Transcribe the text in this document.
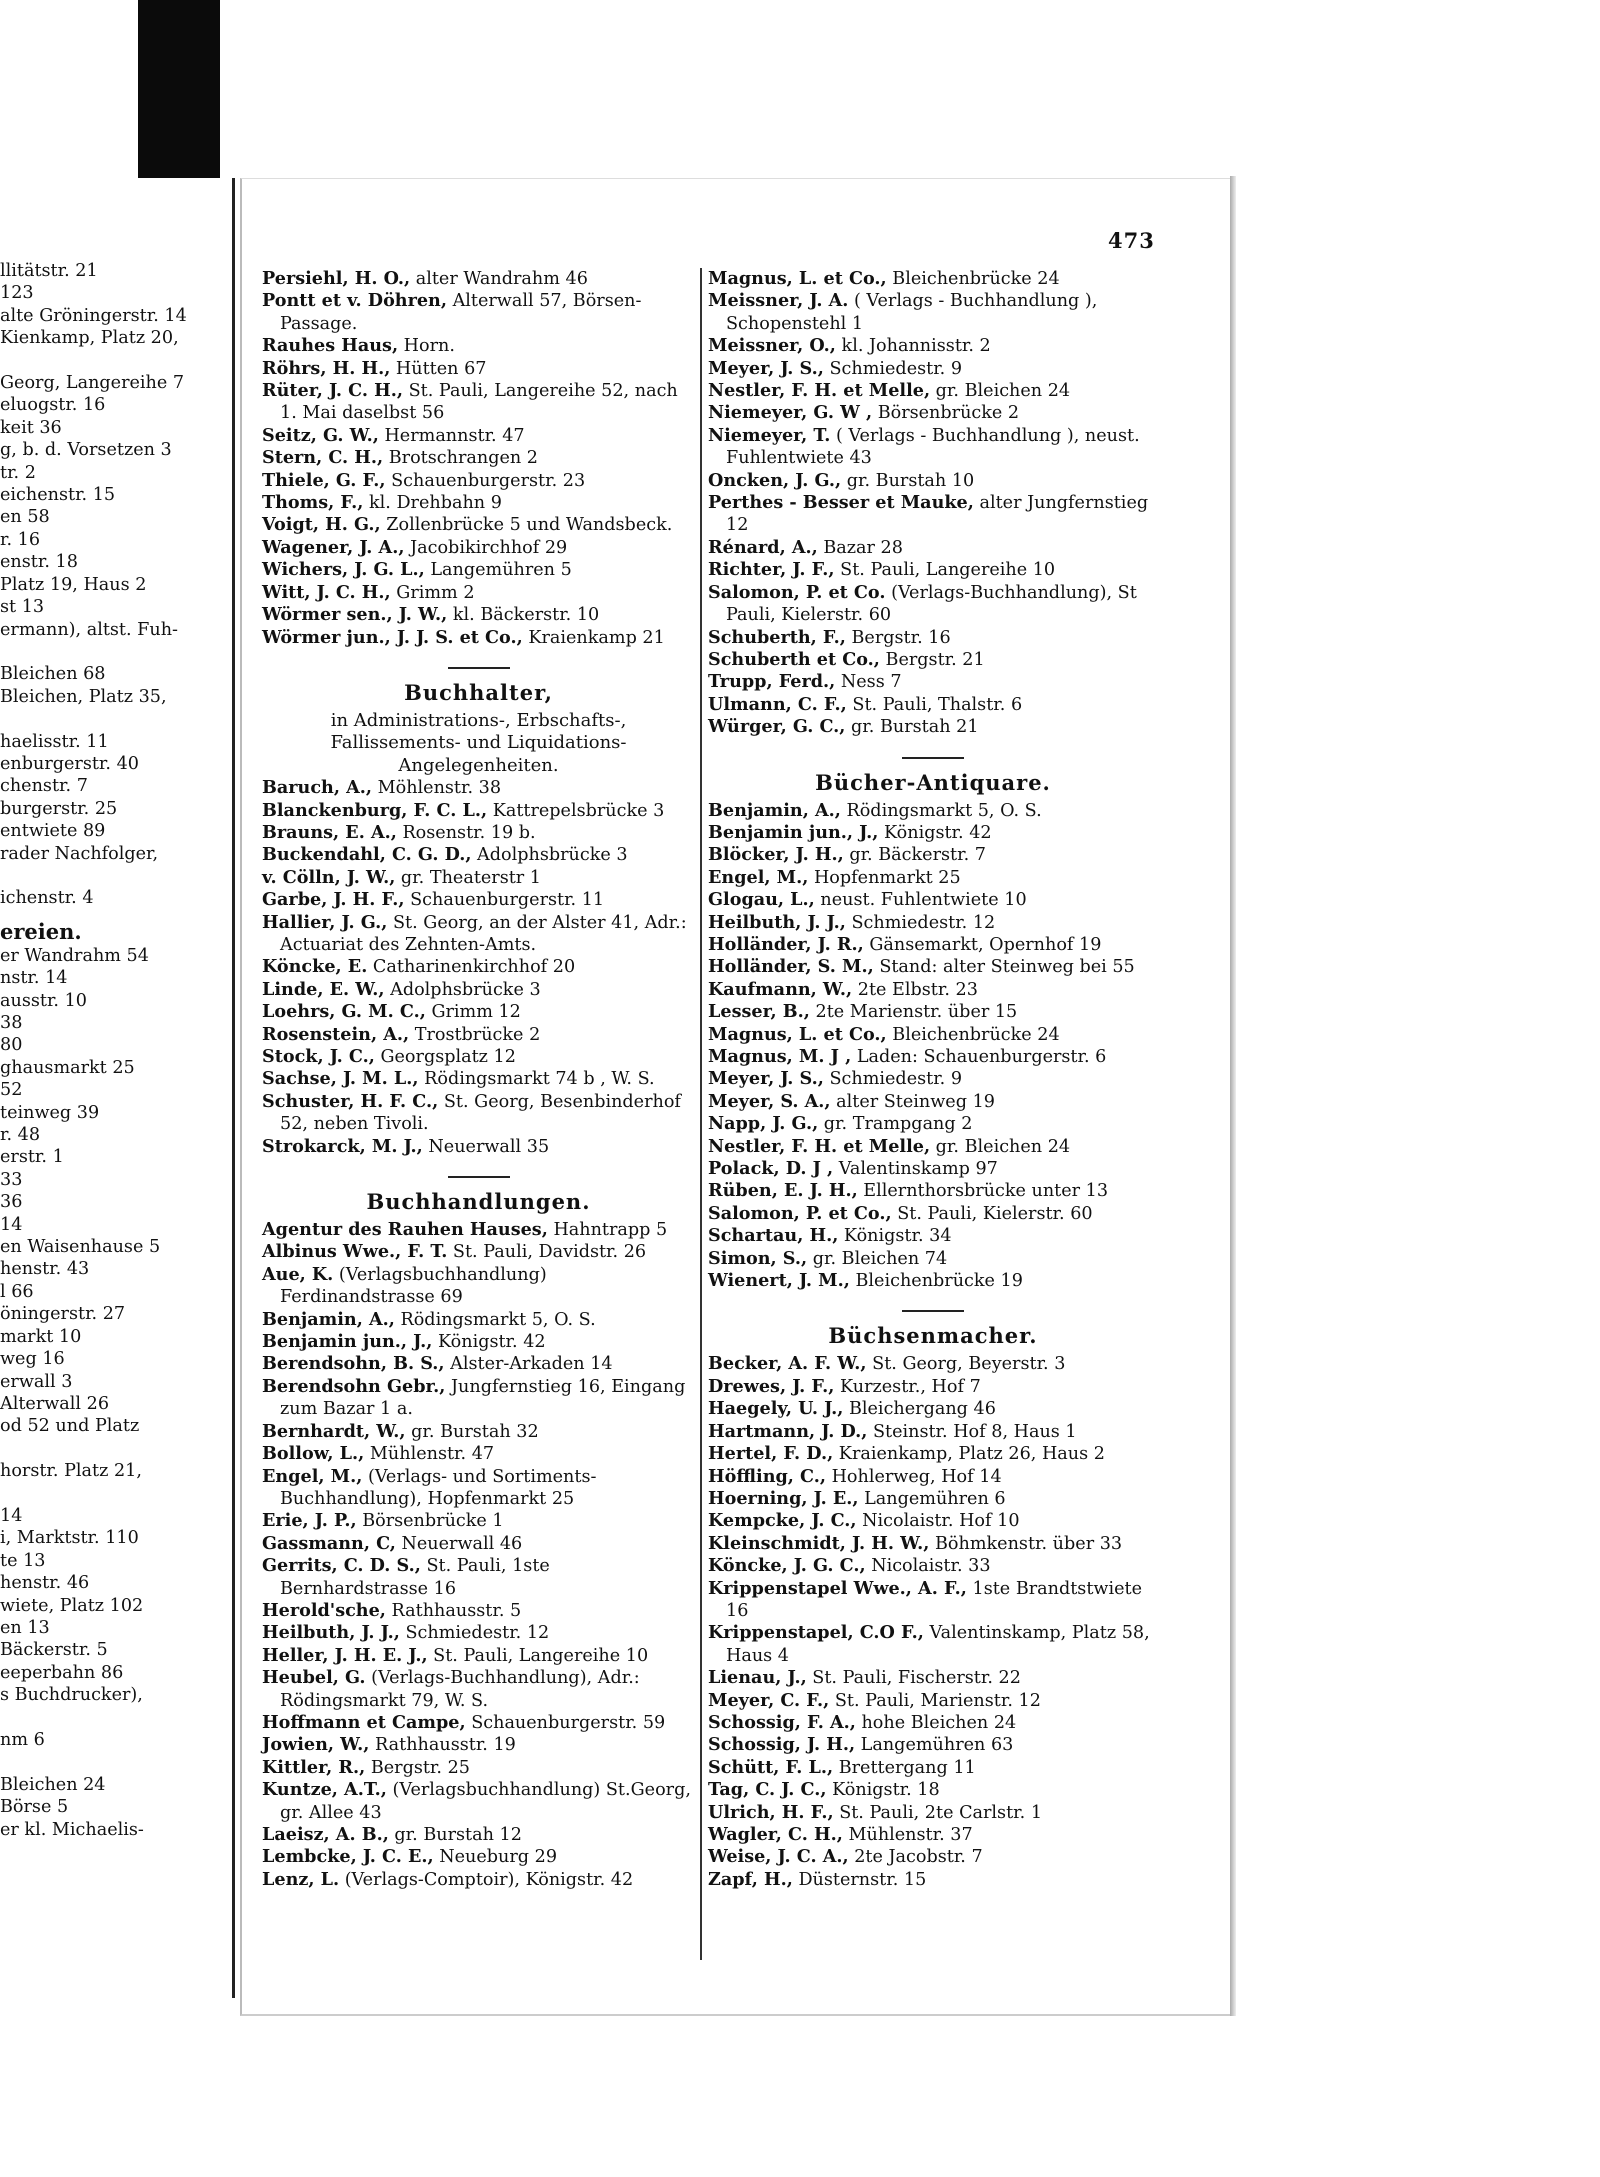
llitätstr. 21
123
alte Gröningerstr. 14
Kienkamp, Platz 20,

Georg, Langereihe 7
eluogstr. 16
keit 36
g, b. d. Vorsetzen 3
tr. 2
eichenstr. 15
en 58
r. 16
enstr. 18
Platz 19, Haus 2
st 13
ermann), altst. Fuh-

Bleichen 68
Bleichen, Platz 35,

haelisstr. 11
enburgerstr. 40
chenstr. 7
burgerstr. 25
entwiete 89
rader Nachfolger,

ichenstr. 4
ereien.
er Wandrahm 54
nstr. 14
ausstr. 10
38
80
ghausmarkt 25
52
teinweg 39
r. 48
erstr. 1
33
36
14
en Waisenhause 5
henstr. 43
l 66
öningerstr. 27
markt 10
weg 16
erwall 3
Alterwall 26
od 52 und Platz

horstr. Platz 21,

14
i, Marktstr. 110
te 13
henstr. 46
wiete, Platz 102
en 13
Bäckerstr. 5
eeperbahn 86
s Buchdrucker),

nm 6

Bleichen 24
Börse 5
er kl. Michaelis-
473
Persiehl, H. O., alter Wandrahm 46
Pontt et v. Döhren, Alterwall 57, Börsen-Passage.
Rauhes Haus, Horn.
Röhrs, H. H., Hütten 67
Rüter, J. C. H., St. Pauli, Langereihe 52, nach 1. Mai daselbst 56
Seitz, G. W., Hermannstr. 47
Stern, C. H., Brotschrangen 2
Thiele, G. F., Schauenburgerstr. 23
Thoms, F., kl. Drehbahn 9
Voigt, H. G., Zollenbrücke 5 und Wandsbeck.
Wagener, J. A., Jacobikirchhof 29
Wichers, J. G. L., Langemühren 5
Witt, J. C. H., Grimm 2
Wörmer sen., J. W., kl. Bäckerstr. 10
Wörmer jun., J. J. S. et Co., Kraienkamp 21
Buchhalter,
in Administrations-, Erbschafts-,
Fallissements- und Liquidations-
Angelegenheiten.
Baruch, A., Möhlenstr. 38
Blanckenburg, F. C. L., Kattrepelsbrücke 3
Brauns, E. A., Rosenstr. 19 b.
Buckendahl, C. G. D., Adolphsbrücke 3
v. Cölln, J. W., gr. Theaterstr 1
Garbe, J. H. F., Schauenburgerstr. 11
Hallier, J. G., St. Georg, an der Alster 41, Adr.: Actuariat des Zehnten-Amts.
Köncke, E. Catharinenkirchhof 20
Linde, E. W., Adolphsbrücke 3
Loehrs, G. M. C., Grimm 12
Rosenstein, A., Trostbrücke 2
Stock, J. C., Georgsplatz 12
Sachse, J. M. L., Rödingsmarkt 74 b , W. S.
Schuster, H. F. C., St. Georg, Besenbinderhof 52, neben Tivoli.
Strokarck, M. J., Neuerwall 35
Buchhandlungen.
Agentur des Rauhen Hauses, Hahntrapp 5
Albinus Wwe., F. T. St. Pauli, Davidstr. 26
Aue, K. (Verlagsbuchhandlung) Ferdinandstrasse 69
Benjamin, A., Rödingsmarkt 5, O. S.
Benjamin jun., J., Königstr. 42
Berendsohn, B. S., Alster-Arkaden 14
Berendsohn Gebr., Jungfernstieg 16, Eingang zum Bazar 1 a.
Bernhardt, W., gr. Burstah 32
Bollow, L., Mühlenstr. 47
Engel, M., (Verlags- und Sortiments-Buchhandlung), Hopfenmarkt 25
Erie, J. P., Börsenbrücke 1
Gassmann, C, Neuerwall 46
Gerrits, C. D. S., St. Pauli, 1ste Bernhardstrasse 16
Herold'sche, Rathhausstr. 5
Heilbuth, J. J., Schmiedestr. 12
Heller, J. H. E. J., St. Pauli, Langereihe 10
Heubel, G. (Verlags-Buchhandlung), Adr.: Rödingsmarkt 79, W. S.
Hoffmann et Campe, Schauenburgerstr. 59
Jowien, W., Rathhausstr. 19
Kittler, R., Bergstr. 25
Kuntze, A.T., (Verlagsbuchhandlung) St.Georg, gr. Allee 43
Laeisz, A. B., gr. Burstah 12
Lembcke, J. C. E., Neueburg 29
Lenz, L. (Verlags-Comptoir), Königstr. 42
Magnus, L. et Co., Bleichenbrücke 24
Meissner, J. A. ( Verlags - Buchhandlung ), Schopenstehl 1
Meissner, O., kl. Johannisstr. 2
Meyer, J. S., Schmiedestr. 9
Nestler, F. H. et Melle, gr. Bleichen 24
Niemeyer, G. W , Börsenbrücke 2
Niemeyer, T. ( Verlags - Buchhandlung ), neust. Fuhlentwiete 43
Oncken, J. G., gr. Burstah 10
Perthes - Besser et Mauke, alter Jungfernstieg 12
Rénard, A., Bazar 28
Richter, J. F., St. Pauli, Langereihe 10
Salomon, P. et Co. (Verlags-Buchhandlung), St Pauli, Kielerstr. 60
Schuberth, F., Bergstr. 16
Schuberth et Co., Bergstr. 21
Trupp, Ferd., Ness 7
Ulmann, C. F., St. Pauli, Thalstr. 6
Würger, G. C., gr. Burstah 21
Bücher-Antiquare.
Benjamin, A., Rödingsmarkt 5, O. S.
Benjamin jun., J., Königstr. 42
Blöcker, J. H., gr. Bäckerstr. 7
Engel, M., Hopfenmarkt 25
Glogau, L., neust. Fuhlentwiete 10
Heilbuth, J. J., Schmiedestr. 12
Holländer, J. R., Gänsemarkt, Opernhof 19
Holländer, S. M., Stand: alter Steinweg bei 55
Kaufmann, W., 2te Elbstr. 23
Lesser, B., 2te Marienstr. über 15
Magnus, L. et Co., Bleichenbrücke 24
Magnus, M. J , Laden: Schauenburgerstr. 6
Meyer, J. S., Schmiedestr. 9
Meyer, S. A., alter Steinweg 19
Napp, J. G., gr. Trampgang 2
Nestler, F. H. et Melle, gr. Bleichen 24
Polack, D. J , Valentinskamp 97
Rüben, E. J. H., Ellernthorsbrücke unter 13
Salomon, P. et Co., St. Pauli, Kielerstr. 60
Schartau, H., Königstr. 34
Simon, S., gr. Bleichen 74
Wienert, J. M., Bleichenbrücke 19
Büchsenmacher.
Becker, A. F. W., St. Georg, Beyerstr. 3
Drewes, J. F., Kurzestr., Hof 7
Haegely, U. J., Bleichergang 46
Hartmann, J. D., Steinstr. Hof 8, Haus 1
Hertel, F. D., Kraienkamp, Platz 26, Haus 2
Höffling, C., Hohlerweg, Hof 14
Hoerning, J. E., Langemühren 6
Kempcke, J. C., Nicolaistr. Hof 10
Kleinschmidt, J. H. W., Böhmkenstr. über 33
Köncke, J. G. C., Nicolaistr. 33
Krippenstapel Wwe., A. F., 1ste Brandtstwiete 16
Krippenstapel, C.O F., Valentinskamp, Platz 58, Haus 4
Lienau, J., St. Pauli, Fischerstr. 22
Meyer, C. F., St. Pauli, Marienstr. 12
Schossig, F. A., hohe Bleichen 24
Schossig, J. H., Langemühren 63
Schütt, F. L., Brettergang 11
Tag, C. J. C., Königstr. 18
Ulrich, H. F., St. Pauli, 2te Carlstr. 1
Wagler, C. H., Mühlenstr. 37
Weise, J. C. A., 2te Jacobstr. 7
Zapf, H., Düsternstr. 15
